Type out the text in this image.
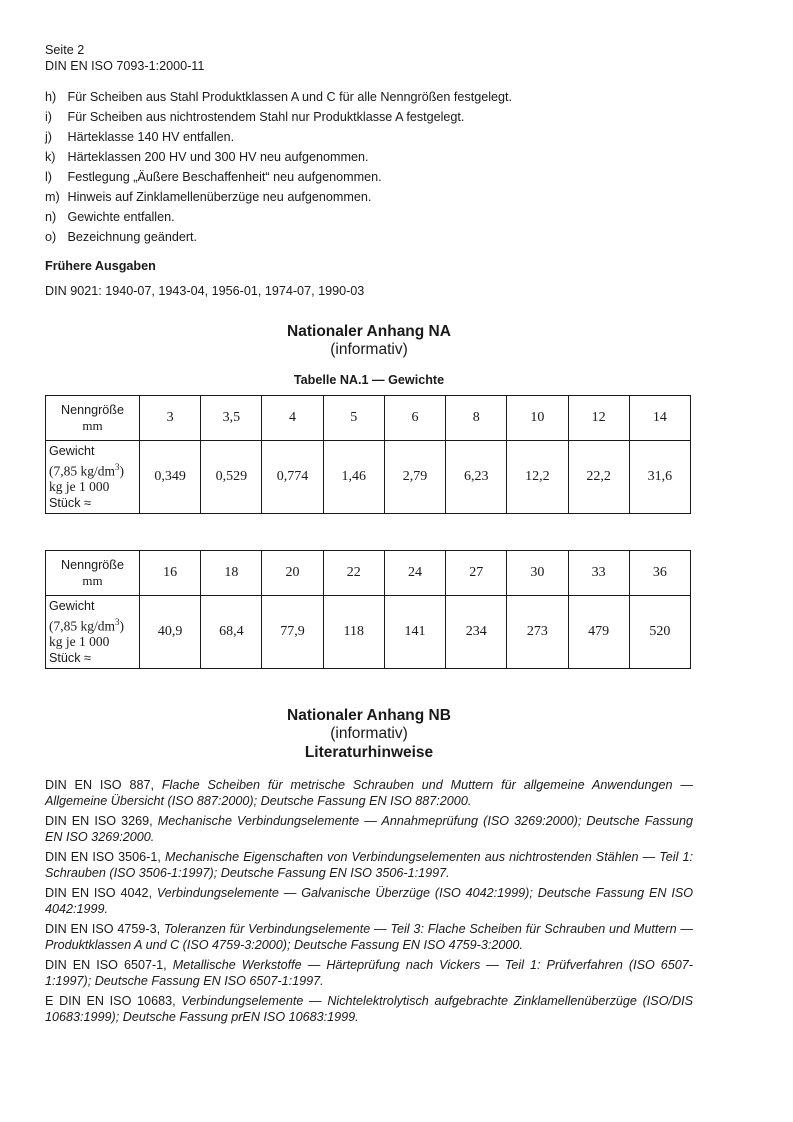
Seite 2
DIN EN ISO 7093-1:2000-11
h)
Für Scheiben aus Stahl Produktklassen A und C für alle Nenngrößen festgelegt.
i)
	Für Scheiben aus nichtrostendem Stahl nur Produktklasse A festgelegt.
j)
	Härteklasse 140 HV entfallen.
k)
Härteklassen 200 HV und 300 HV neu aufgenommen.
l)
	Festlegung „Äußere Beschaffenheit“ neu aufgenommen.
m)
Hinweis auf Zinklamellenüberzüge neu aufgenommen.
n)
Gewichte entfallen.
o)
Bezeichnung geändert.
Frühere Ausgaben
DIN 9021: 1940-07, 1943-04, 1956-01, 1974-07, 1990-03
Nationaler Anhang NA
(informativ)
Tabelle NA.1 — Gewichte
Nenngröße
mm	3	3,5	4	5	6	8	10	12	14

Gewicht
(7,85 $kg/dm^3$)
kg je 1 000
Stück ≈	0,349	0,529	0,774	1,46	2,79	6,23	12,2	22,2	31,6
Nenngröße
mm	16	18	20	22	24	27	30	33	36

Gewicht
(7,85 $kg/dm^3$)
kg je 1 000
Stück ≈	40,9	68,4	77,9	118	141	234	273	479	520
Nationaler Anhang NB
(informativ)
Literaturhinweise
DIN EN ISO 887, Flache Scheiben für metrische Schrauben und Muttern für allgemeine Anwendungen — Allgemeine Übersicht (ISO 887:2000); Deutsche Fassung EN ISO 887:2000.
DIN EN ISO 3269, Mechanische Verbindungselemente — Annahmeprüfung (ISO 3269:2000); Deutsche Fassung EN ISO 3269:2000.
DIN EN ISO 3506-1, Mechanische Eigenschaften von Verbindungselementen aus nichtrostenden Stählen — Teil 1: Schrauben (ISO 3506-1:1997); Deutsche Fassung EN ISO 3506-1:1997.
DIN EN ISO 4042, Verbindungselemente — Galvanische Überzüge (ISO 4042:1999); Deutsche Fassung EN ISO 4042:1999.
DIN EN ISO 4759-3, Toleranzen für Verbindungselemente — Teil 3: Flache Scheiben für Schrauben und Muttern — Produktklassen A und C (ISO 4759-3:2000); Deutsche Fassung EN ISO 4759-3:2000.
DIN EN ISO 6507-1, Metallische Werkstoffe — Härteprüfung nach Vickers — Teil 1: Prüfverfahren (ISO 6507-1:1997); Deutsche Fassung EN ISO 6507-1:1997.
E DIN EN ISO 10683, Verbindungselemente — Nichtelektrolytisch aufgebrachte Zinklamellenüberzüge (ISO/DIS 10683:1999); Deutsche Fassung prEN ISO 10683:1999.
